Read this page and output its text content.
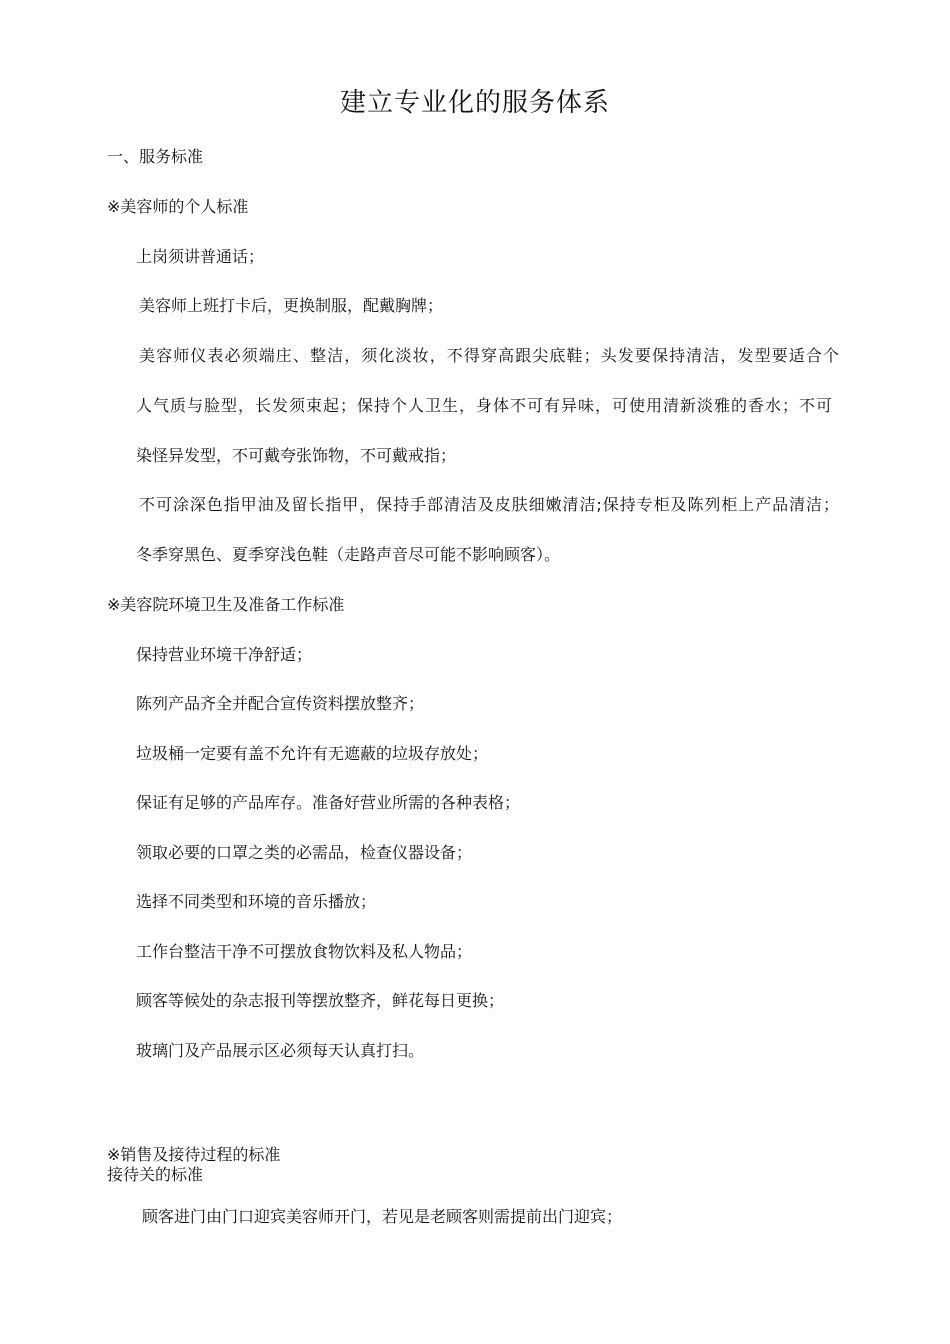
建立专业化的服务体系
一、服务标准
※美容师的个人标准
上岗须讲普通话；
美容师上班打卡后，更换制服，配戴胸牌；
美容师仪表必须端庄、整洁，须化淡妆，不得穿高跟尖底鞋；头发要保持清洁，发型要适合个
人气质与脸型，长发须束起；保持个人卫生，身体不可有异味，可使用清新淡雅的香水；不可
染怪异发型，不可戴夸张饰物，不可戴戒指；
不可涂深色指甲油及留长指甲，保持手部清洁及皮肤细嫩清洁;保持专柜及陈列柜上产品清洁；
冬季穿黑色、夏季穿浅色鞋（走路声音尽可能不影响顾客）。
※美容院环境卫生及准备工作标准
保持营业环境干净舒适；
陈列产品齐全并配合宣传资料摆放整齐；
垃圾桶一定要有盖不允许有无遮蔽的垃圾存放处；
保证有足够的产品库存。准备好营业所需的各种表格；
领取必要的口罩之类的必需品，检查仪器设备；
选择不同类型和环境的音乐播放；
工作台整洁干净不可摆放食物饮料及私人物品；
顾客等候处的杂志报刊等摆放整齐，鲜花每日更换；
玻璃门及产品展示区必须每天认真打扫。
※销售及接待过程的标准
接待关的标准
顾客进门由门口迎宾美容师开门，若见是老顾客则需提前出门迎宾；
